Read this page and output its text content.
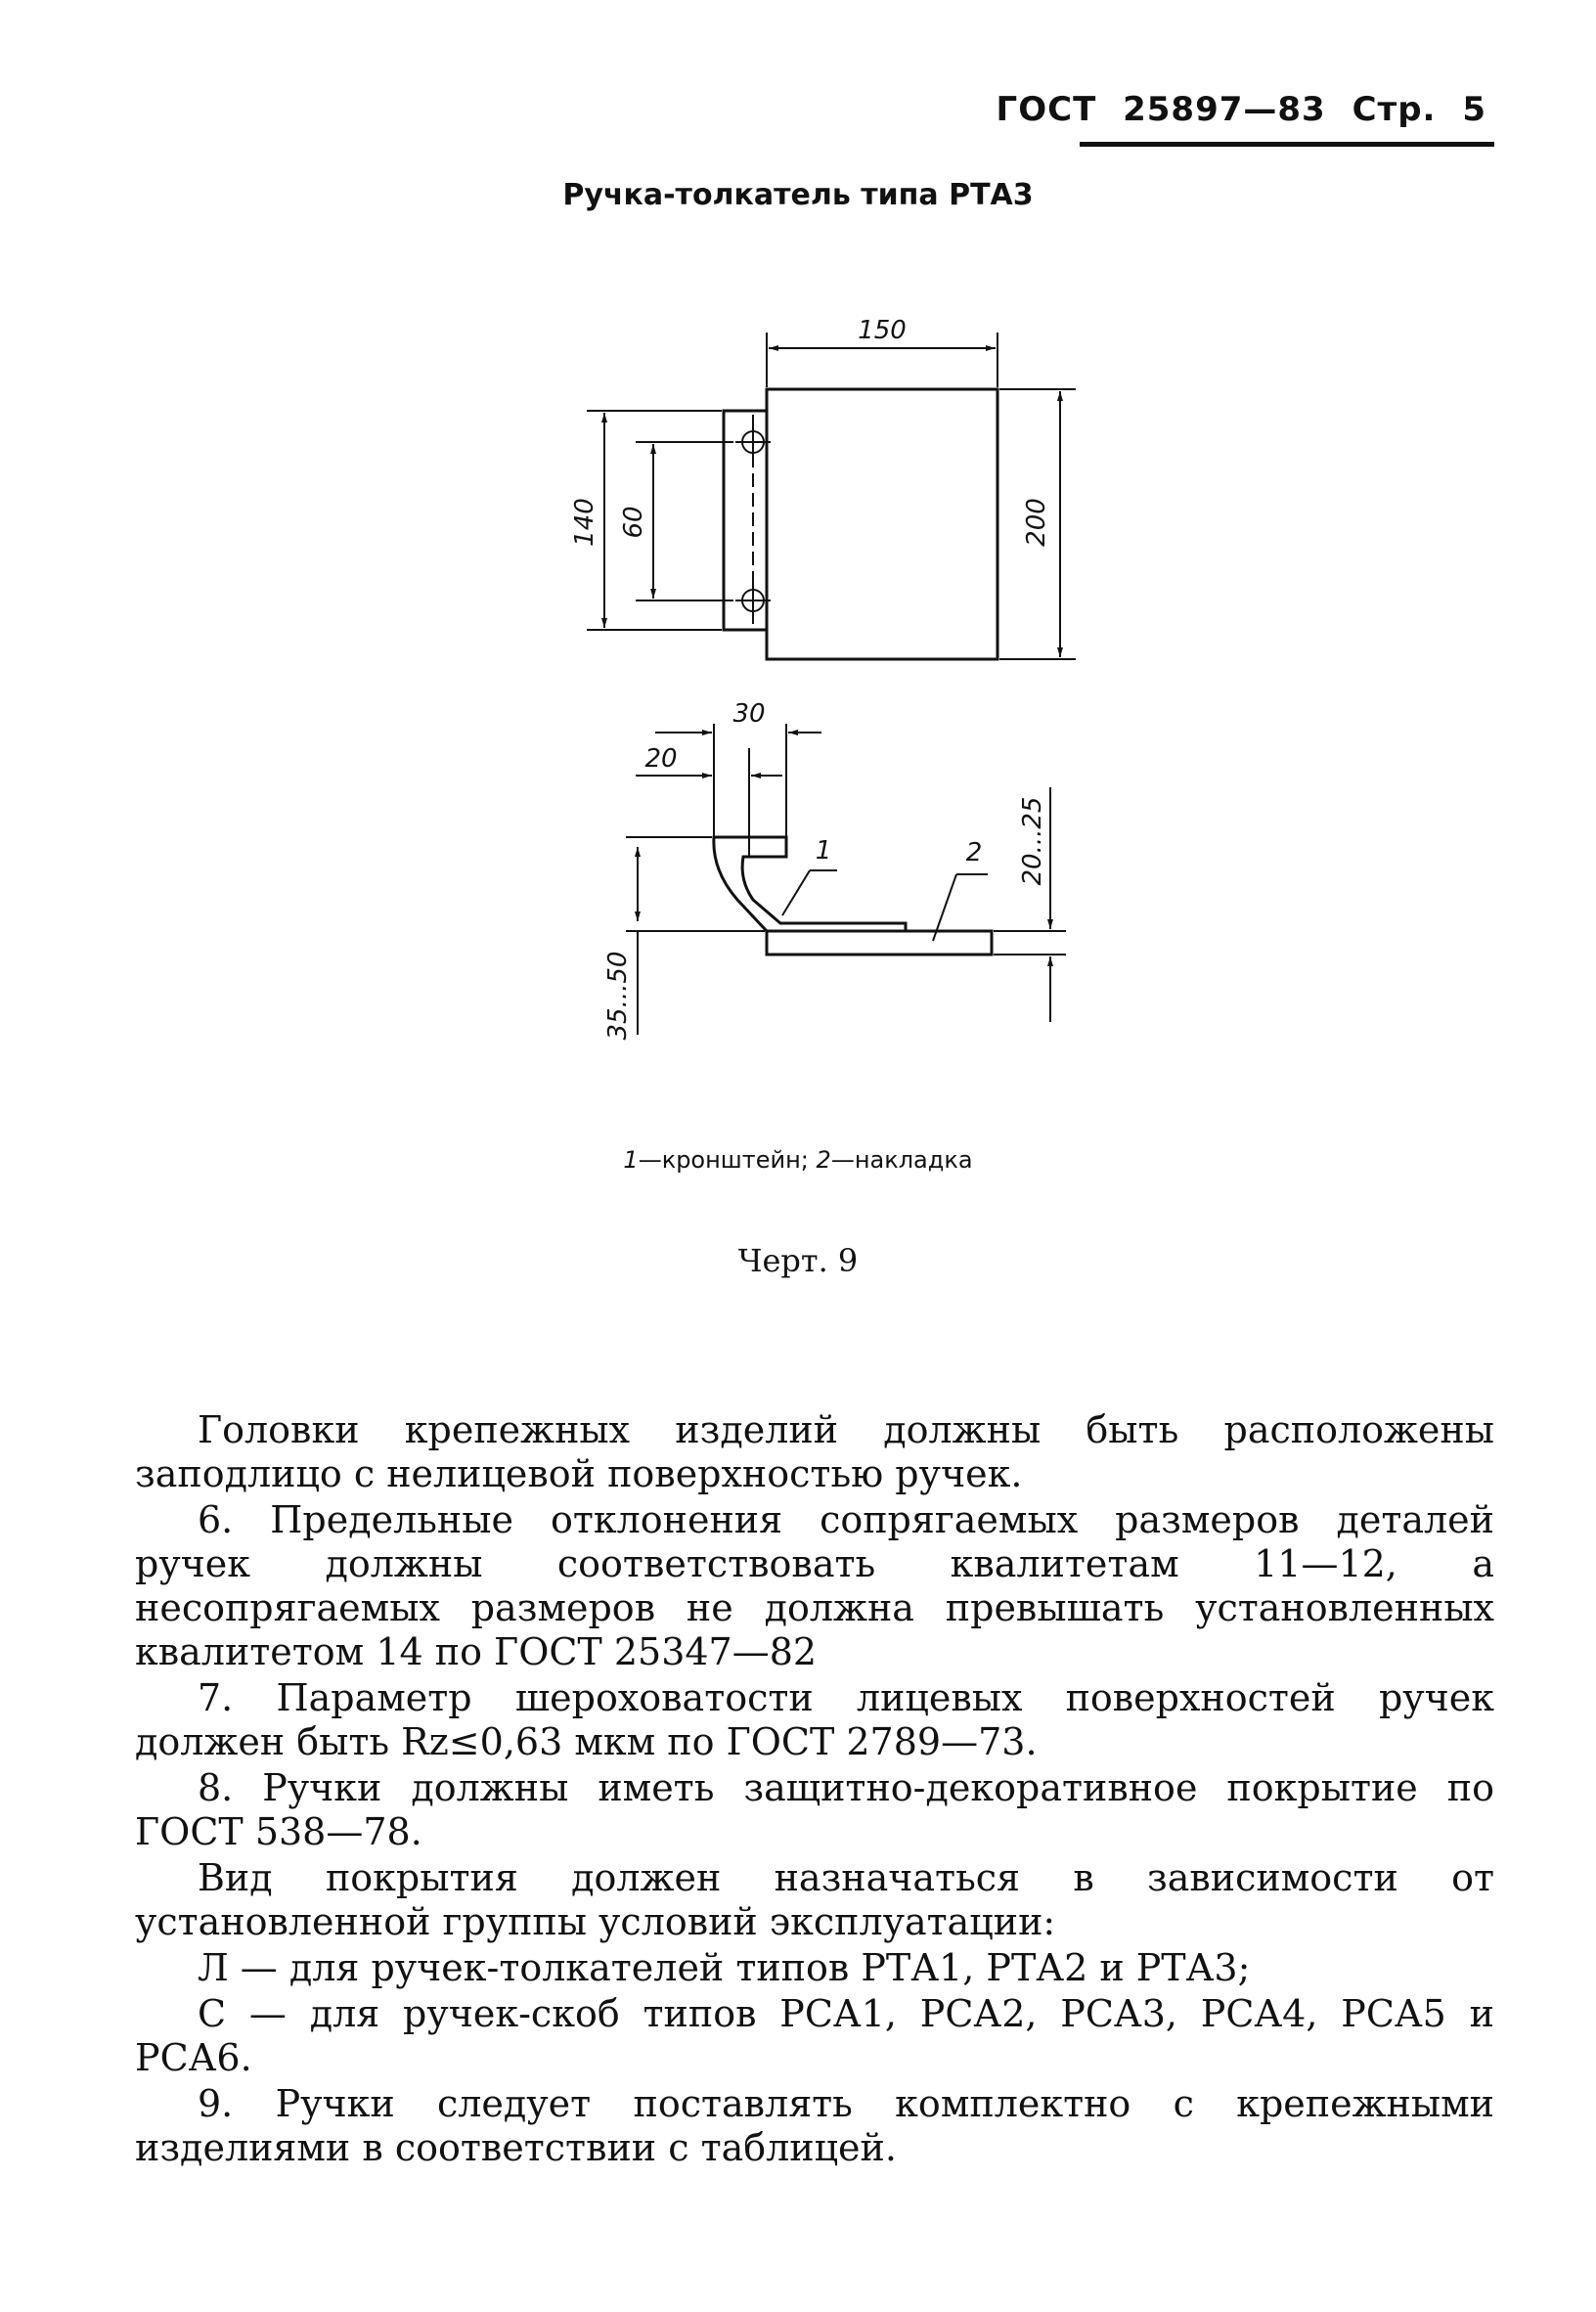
ГОСТ 25897—83 Стр. 5
Ручка-толкатель типа РТА3
150
140 60	200
30
20
20...25
35...50
1	2
1—кронштейн; 2—накладка
Черт. 9

Головки крепежных изделий должны быть расположены заподлицо с нелицевой поверхностью ручек.

6. Предельные отклонения сопрягаемых размеров деталей ручек должны соответствовать квалитетам 11—12, а несопрягаемых размеров не должна превышать установленных квалитетом 14 по ГОСТ 25347—82

7. Параметр шероховатости лицевых поверхностей ручек должен быть Rz≤0,63 мкм по ГОСТ 2789—73.

8. Ручки должны иметь защитно-декоративное покрытие по ГОСТ 538—78.

Вид покрытия должен назначаться в зависимости от установленной группы условий эксплуатации:

Л — для ручек-толкателей типов РТА1, РТА2 и РТА3;

С — для ручек-скоб типов РСА1, РСА2, РСА3, РСА4, РСА5 и РСА6.

9. Ручки следует поставлять комплектно с крепежными изделиями в соответствии с таблицей.
